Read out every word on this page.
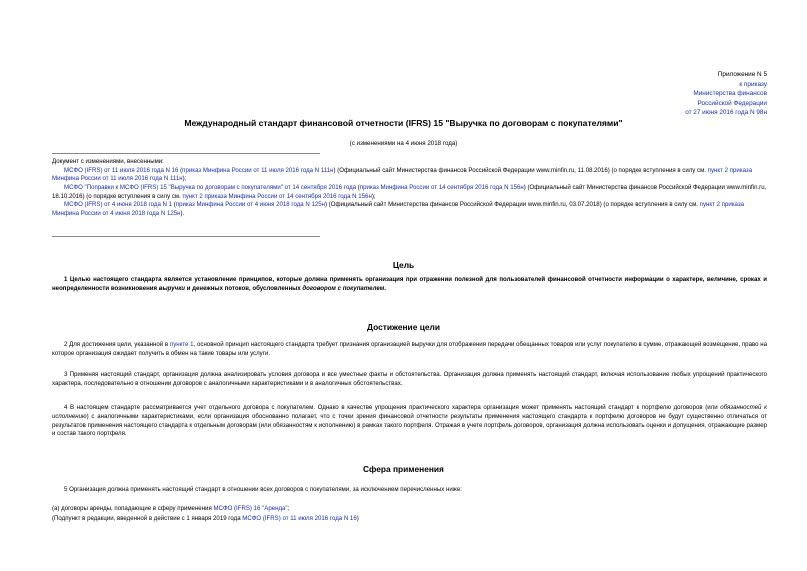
Приложение N 5
к приказу
Министерства финансов
Российской Федерации
от 27 июня 2016 года N 98н
Международный стандарт финансовой отчетности (IFRS) 15 "Выручка по договорам с покупателями"
(с изменениями на 4 июня 2018 года)

Документ с изменениями, внесенными:

МСФО (IFRS) от 11 июля 2016 года N 16 (приказ Минфина России от 11 июля 2016 года N 111н) (Официальный сайт Министерства финансов Российской Федерации www.minfin.ru, 11.08.2016) (о порядке вступления в силу см. пункт 2 приказа Минфина России от 11 июля 2016 года N 111н);

МСФО "Поправки к МСФО (IFRS) 15 "Выручка по договорам с покупателями" от 14 сентября 2016 года (приказ Минфина России от 14 сентября 2016 года N 156н) (Официальный сайт Министерства финансов Российской Федерации www.minfin.ru, 18.10.2016) (о порядке вступления в силу см. пункт 2 приказа Минфина России от 14 сентября 2016 года N 156н);

МСФО (IFRS) от 4 июня 2018 года N 1 (приказ Минфина России от 4 июня 2018 года N 125н) (Официальный сайт Министерства финансов Российской Федерации www.minfin.ru, 03.07.2018) (о порядке вступления в силу см. пункт 2 приказа Минфина России от 4 июня 2018 года N 125н).

Цель
1 Целью настоящего стандарта является установление принципов, которые должна применять организация при отражении полезной для пользователей финансовой отчетности информации о характере, величине, сроках и неопределенности возникновения выручки и денежных потоков, обусловленных договором с покупателем.
Достижение цели
2 Для достижения цели, указанной в пункте 1, основной принцип настоящего стандарта требует признания организацией выручки для отображения передачи обещанных товаров или услуг покупателю в сумме, отражающей возмещение, право на которое организация ожидает получить в обмен на такие товары или услуги.
3 Применяя настоящий стандарт, организация должна анализировать условия договора и все уместные факты и обстоятельства. Организация должна применять настоящий стандарт, включая использование любых упрощений практического характера, последовательно в отношении договоров с аналогичными характеристиками и в аналогичных обстоятельствах.
4 В настоящем стандарте рассматривается учет отдельного договора с покупателем. Однако в качестве упрощения практического характера организация может применять настоящий стандарт к портфелю договоров (или обязанностей к исполнению) с аналогичными характеристиками, если организация обоснованно полагает, что с точки зрения финансовой отчетности результаты применения настоящего стандарта к портфелю договоров не будут существенно отличаться от результатов применения настоящего стандарта к отдельным договорам (или обязанностям к исполнению) в рамках такого портфеля. Отражая в учете портфель договоров, организация должна использовать оценки и допущения, отражающие размер и состав такого портфеля.
Сфера применения
5 Организация должна применять настоящий стандарт в отношении всех договоров с покупателями, за исключением перечисленных ниже:
(a) договоры аренды, попадающие в сферу применения МСФО (IFRS) 16 "Аренда";
(Подпункт в редакции, введенной в действие с 1 января 2019 года МСФО (IFRS) от 11 июля 2016 года N 16)
